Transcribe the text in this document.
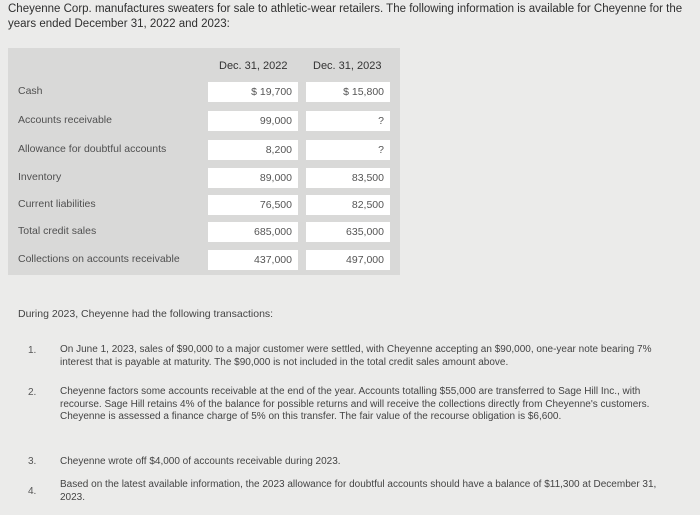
Cheyenne Corp. manufactures sweaters for sale to athletic-wear retailers. The following information is available for Cheyenne for the years ended December 31, 2022 and 2023:
Dec. 31, 2022 Dec. 31, 2023
Cash	$ 19,700	$ 15,800
Accounts receivable	99,000	?
Allowance for doubtful accounts	8,200	?
Inventory	89,000	83,500
Current liabilities	76,500	82,500
Total credit sales	685,000	635,000
Collections on accounts receivable	437,000	497,000
During 2023, Cheyenne had the following transactions:
1. On June 1, 2023, sales of $90,000 to a major customer were settled, with Cheyenne accepting an $90,000, one-year note bearing 7% interest that is payable at maturity. The $90,000 is not included in the total credit sales amount above.
2. Cheyenne factors some accounts receivable at the end of the year. Accounts totalling $55,000 are transferred to Sage Hill Inc., with recourse. Sage Hill retains 4% of the balance for possible returns and will receive the collections directly from Cheyenne's customers. Cheyenne is assessed a finance charge of 5% on this transfer. The fair value of the recourse obligation is $6,600.
3. Cheyenne wrote off $4,000 of accounts receivable during 2023.
4.
Based on the latest available information, the 2023 allowance for doubtful accounts should have a balance of $11,300 at December 31, 2023.
